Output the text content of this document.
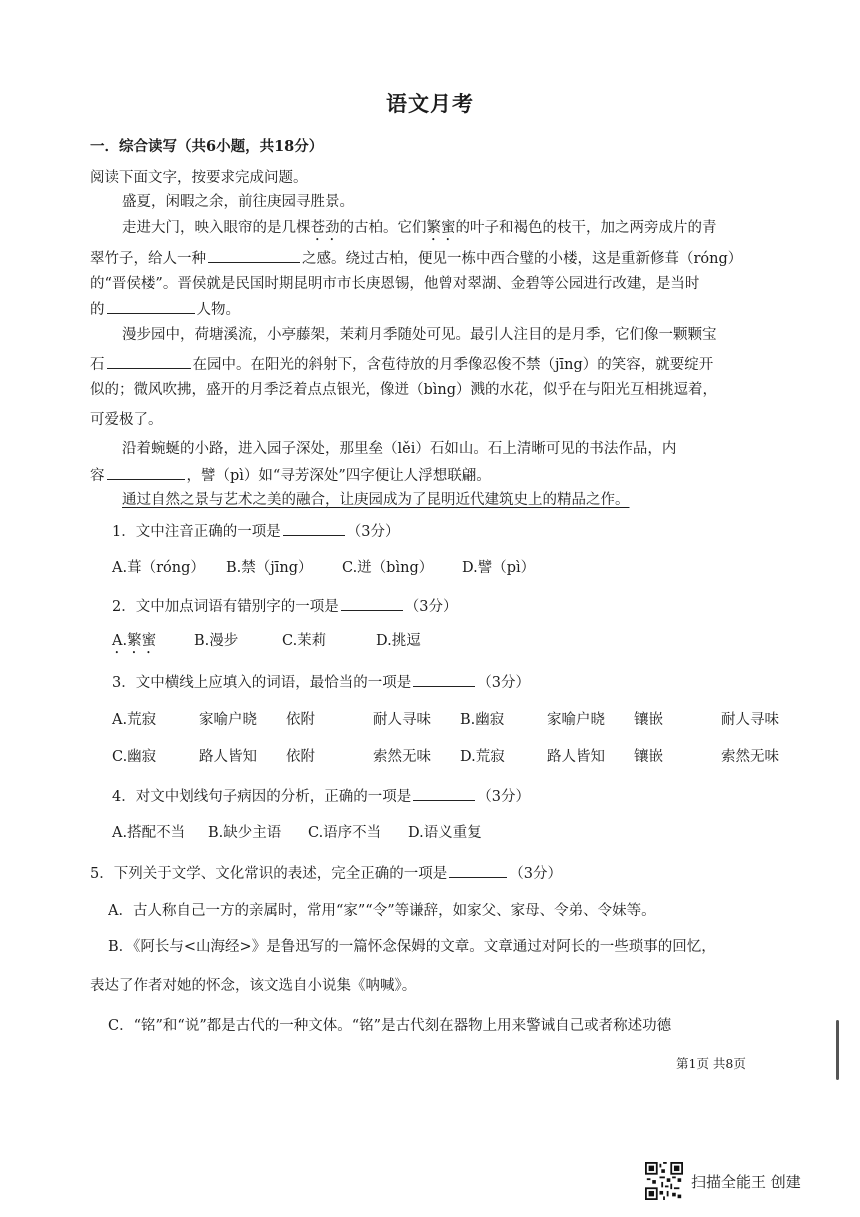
语文月考
一．综合读写（共6小题，共18分）
阅读下面文字，按要求完成问题。
盛夏，闲暇之余，前往庚园寻胜景。
走进大门，映入眼帘的是几棵苍劲的古柏。它们繁蜜的叶子和褐色的枝干，加之两旁成片的青
翠竹子，给人一种	之感。绕过古柏，便见一栋中西合璧的小楼，这是重新修葺（róng）
的“晋侯楼”。晋侯就是民国时期昆明市市长庚恩锡，他曾对翠湖、金碧等公园进行改建，是当时
的	人物。
漫步园中，荷塘溪流，小亭藤架，茉莉月季随处可见。最引人注目的是月季，它们像一颗颗宝
石	在园中。在阳光的斜射下，含苞待放的月季像忍俊不禁（jīng）的笑容，就要绽开
似的；微风吹拂，盛开的月季泛着点点银光，像迸（bìng）溅的水花，似乎在与阳光互相挑逗着，
可爱极了。
沿着蜿蜒的小路，进入园子深处，那里垒（lěi）石如山。石上清晰可见的书法作品，内
容	，譬（pì）如“寻芳深处”四字便让人浮想联翩。
通过自然之景与艺术之美的融合，让庚园成为了昆明近代建筑史上的精品之作。
1．文中注音正确的一项是	（3分）
A.葺（róng）	B.禁（jīng）	C.迸（bìng）	D.譬（pì）
2．文中加点词语有错别字的一项是	（3分）
A.繁蜜	B.漫步	C.茉莉	D.挑逗
3．文中横线上应填入的词语，最恰当的一项是	（3分）
A.荒寂	家喻户晓	依附	耐人寻味	B.幽寂	家喻户晓	镶嵌	耐人寻味
C.幽寂	路人皆知	依附	索然无味	D.荒寂	路人皆知	镶嵌	索然无味
4．对文中划线句子病因的分析，正确的一项是	（3分）
A.搭配不当	B.缺少主语	C.语序不当	D.语义重复
5．下列关于文学、文化常识的表述，完全正确的一项是	（3分）
A．古人称自己一方的亲属时，常用“家”“令”等谦辞，如家父、家母、令弟、令妹等。
B．《阿长与<山海经>》是鲁迅写的一篇怀念保姆的文章。文章通过对阿长的一些琐事的回忆，
表达了作者对她的怀念，该文选自小说集《呐喊》。
C．“铭”和“说”都是古代的一种文体。“铭”是古代刻在器物上用来警诫自己或者称述功德
第1页 共8页
扫描全能王 创建
